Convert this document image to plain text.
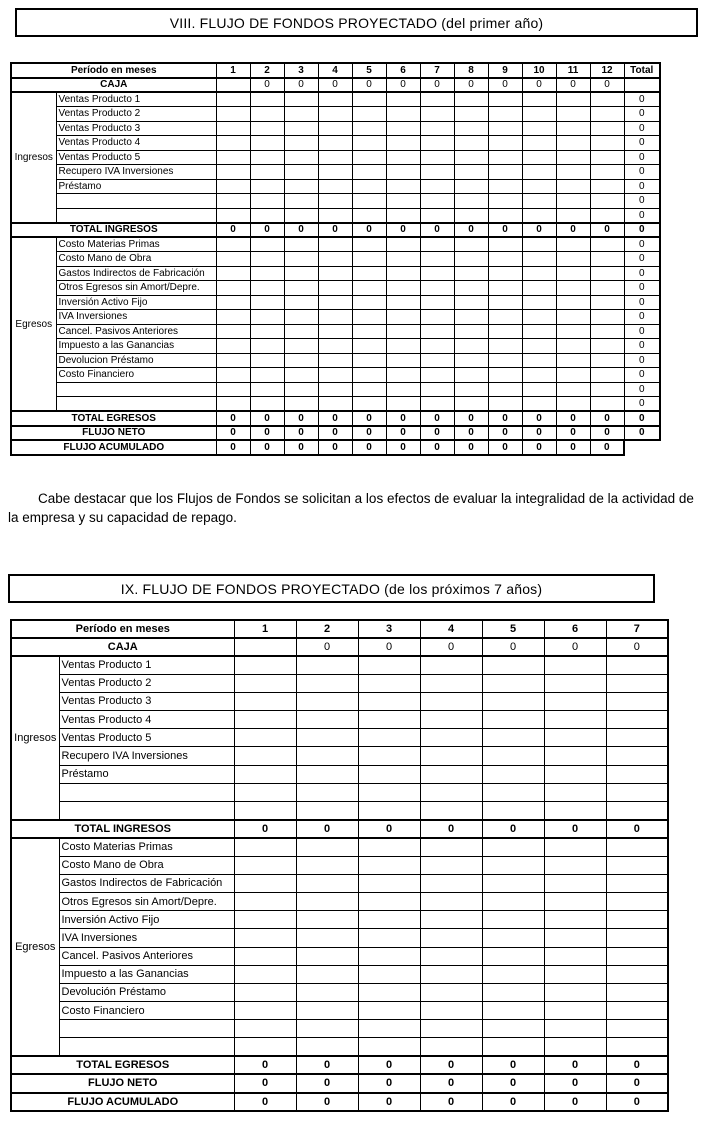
VIII. FLUJO DE FONDOS PROYECTADO (del primer año)
Período en meses		1	2	3	4	5	6	7	8	9	10	11	12	Total
CAJA			0	0	0	0	0	0	0	0	0	0	0	
Ingresos	Ventas Producto 1													0
	Ventas Producto 2													0
	Ventas Producto 3													0
	Ventas Producto 4													0
	Ventas Producto 5													0
	Recupero IVA Inversiones													0
	Préstamo													0
														0
														0
TOTAL INGRESOS		0	0	0	0	0	0	0	0	0	0	0	0	0
Egresos	Costo Materias Primas													0
	Costo Mano de Obra													0
	Gastos Indirectos de Fabricación													0
	Otros Egresos sin Amort/Depre.													0
	Inversión Activo Fijo													0
	IVA Inversiones													0
	Cancel. Pasivos Anteriores													0
	Impuesto a las Ganancias													0
	Devolucion Préstamo													0
	Costo Financiero													0
														0
														0
TOTAL EGRESOS		0	0	0	0	0	0	0	0	0	0	0	0	0
FLUJO NETO		0	0	0	0	0	0	0	0	0	0	0	0	0
FLUJO ACUMULADO		0	0	0	0	0	0	0	0	0	0	0	0	

Cabe destacar que los Flujos de Fondos se solicitan a los efectos de evaluar la integralidad de la actividad de la empresa y su capacidad de repago.

IX. FLUJO DE FONDOS PROYECTADO (de los próximos 7 años)
Período en meses		1	2	3	4	5	6	7
CAJA			0	0	0	0	0	0
Ingresos	Ventas Producto 1							
	Ventas Producto 2							
	Ventas Producto 3							
	Ventas Producto 4							
	Ventas Producto 5							
	Recupero IVA Inversiones							
	Préstamo							

TOTAL INGRESOS		0	0	0	0	0	0	0
Egresos	Costo Materias Primas							
	Costo Mano de Obra							
	Gastos Indirectos de Fabricación							
	Otros Egresos sin Amort/Depre.							
	Inversión Activo Fijo							
	IVA Inversiones							
	Cancel. Pasivos Anteriores							
	Impuesto a las Ganancias							
	Devolución Préstamo							
	Costo Financiero							

TOTAL EGRESOS		0	0	0	0	0	0	0
FLUJO NETO		0	0	0	0	0	0	0
FLUJO ACUMULADO		0	0	0	0	0	0	0
